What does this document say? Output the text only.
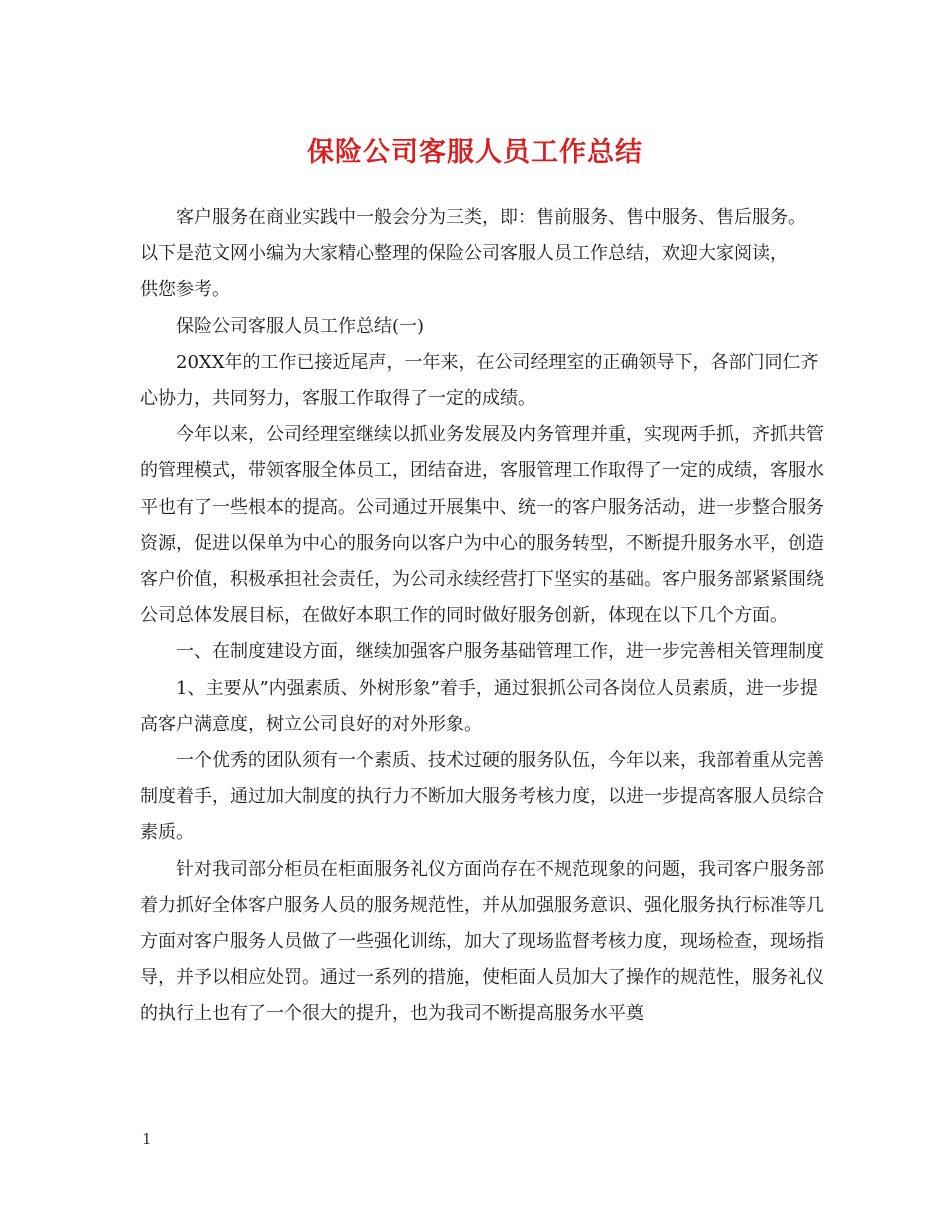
保险公司客服人员工作总结

客户服务在商业实践中一般会分为三类，即：售前服务、售中服务、售后服务。

以下是范文网小编为大家精心整理的保险公司客服人员工作总结，欢迎大家阅读，

供您参考。

保险公司客服人员工作总结(一)

20XX年的工作已接近尾声，一年来，在公司经理室的正确领导下，各部门同仁齐心协力，共同努力，客服工作取得了一定的成绩。

今年以来，公司经理室继续以抓业务发展及内务管理并重，实现两手抓，齐抓共管的管理模式，带领客服全体员工，团结奋进，客服管理工作取得了一定的成绩，客服水平也有了一些根本的提高。公司通过开展集中、统一的客户服务活动，进一步整合服务资源，促进以保单为中心的服务向以客户为中心的服务转型，不断提升服务水平，创造客户价值，积极承担社会责任，为公司永续经营打下坚实的基础。客户服务部紧紧围绕公司总体发展目标，在做好本职工作的同时做好服务创新，体现在以下几个方面。

一、在制度建设方面，继续加强客户服务基础管理工作，进一步完善相关管理制度

1、主要从”内强素质、外树形象”着手，通过狠抓公司各岗位人员素质，进一步提高客户满意度，树立公司良好的对外形象。

一个优秀的团队须有一个素质、技术过硬的服务队伍，今年以来，我部着重从完善制度着手，通过加大制度的执行力不断加大服务考核力度，以进一步提高客服人员综合素质。

针对我司部分柜员在柜面服务礼仪方面尚存在不规范现象的问题，我司客户服务部着力抓好全体客户服务人员的服务规范性，并从加强服务意识、强化服务执行标准等几方面对客户服务人员做了一些强化训练，加大了现场监督考核力度，现场检查，现场指导，并予以相应处罚。通过一系列的措施，使柜面人员加大了操作的规范性，服务礼仪的执行上也有了一个很大的提升，也为我司不断提高服务水平奠

1
